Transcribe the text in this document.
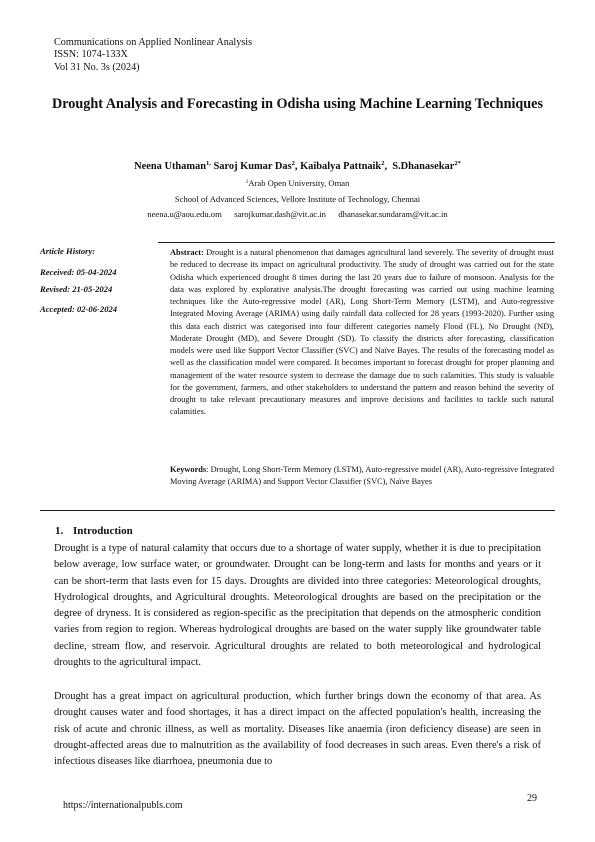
Communications on Applied Nonlinear Analysis
ISSN: 1074-133X
Vol 31 No. 3s (2024)
Drought Analysis and Forecasting in Odisha using Machine Learning Techniques
Neena Uthaman$^{1,}$ Saroj Kumar Das$^2$, Kaibalya Pattnaik$^2$,  S.Dhanasekar$^{2*}$
$^1$Arab Open University, Oman
School of Advanced Sciences, Vellore Institute of Technology, Chennai
neena.u@aou.edu.om sarojkumar.dash@vit.ac.in dhanasekar.sundaram@vit.ac.in
Article History:
Received: 05-04-2024
Revised: 21-05-2024
Accepted: 02-06-2024

Abstract: Drought is a natural phenomenon that damages agricultural land severely. The severity of drought must be reduced to decrease its impact on agricultural productivity. The study of drought was carried out for the state Odisha which experienced drought 8 times during the last 20 years due to failure of monsoon. Analysis for the data was explored by explorative analysis.The drought forecasting was carried out using machine learning techniques like the Auto-regressive model (AR), Long Short-Term Memory (LSTM), and Auto-regressive Integrated Moving Average (ARIMA) using daily rainfall data collected for 28 years (1993-2020). Further using this data each district was categorised into four different categories namely Flood (FL), No Drought (ND), Moderate Drought (MD), and Severe Drought (SD). To classify the districts after forecasting, classification models were used like Support Vector Classifier (SVC) and Naïve Bayes. The results of the forecasting model as well as the classification model were compared. It becomes important to forecast drought for proper planning and management of the water resource system to decrease the damage due to such calamities. This study is valuable for the government, farmers, and other stakeholders to understand the pattern and reason behind the severity of drought to take relevant precautionary measures and improve decisions and facilities to tackle such natural calamities.

Keywords: Drought, Long Short-Term Memory (LSTM), Auto-regressive model (AR), Auto-regressive Integrated Moving Average (ARIMA) and Support Vector Classifier (SVC), Naïve Bayes

1. Introduction

Drought is a type of natural calamity that occurs due to a shortage of water supply, whether it is due to precipitation below average, low surface water, or groundwater. Drought can be long-term and lasts for months and years or it can be short-term that lasts even for 15 days. Droughts are divided into three categories: Meteorological droughts, Hydrological droughts, and Agricultural droughts. Meteorological droughts are based on the precipitation or the degree of dryness. It is considered as region-specific as the precipitation that depends on the atmospheric condition varies from region to region. Whereas hydrological droughts are based on the water supply like groundwater table decline, stream flow, and reservoir. Agricultural droughts are related to both meteorological and hydrological droughts to the agricultural impact.

Drought has a great impact on agricultural production, which further brings down the economy of that area. As drought causes water and food shortages, it has a direct impact on the affected population's health, increasing the risk of acute and chronic illness, as well as mortality. Diseases like anaemia (iron deficiency disease) are seen in drought-affected areas due to malnutrition as the availability of food decreases in such areas. Even there's a risk of infectious diseases like diarrhoea, pneumonia due to

https://internationalpubls.com
29
